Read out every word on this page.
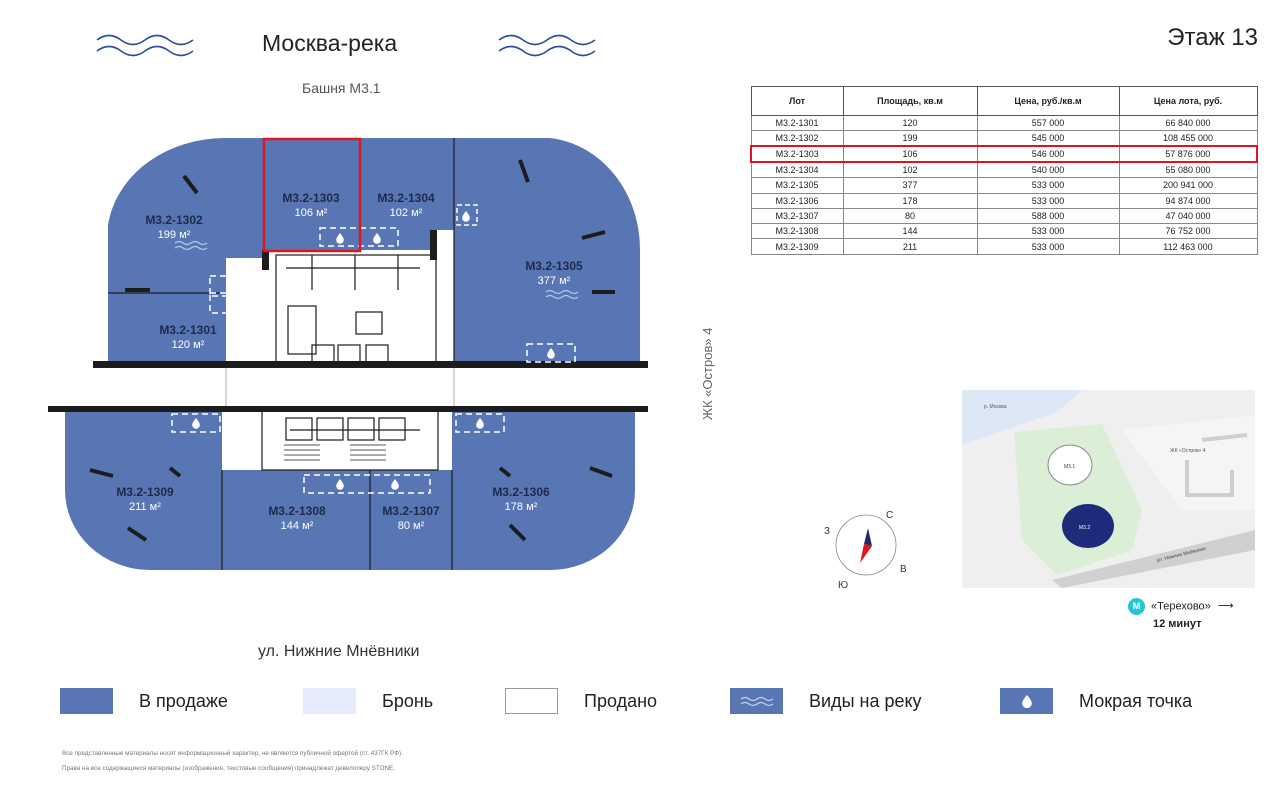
Москва-река
Башня М3.1
Этаж 13
Лот	Площадь, кв.м	Цена, руб./кв.м	Цена лота, руб.
М3.2-1301	120	557 000	66 840 000
М3.2-1302	199	545 000	108 455 000
М3.2-1303	106	546 000	57 876 000
М3.2-1304	102	540 000	55 080 000
М3.2-1305	377	533 000	200 941 000
М3.2-1306	178	533 000	94 874 000
М3.2-1307	80	588 000	47 040 000
М3.2-1308	144	533 000	76 752 000
М3.2-1309	211	533 000	112 463 000
М3.2-1302
199 м²
М3.2-1303
106 м²
М3.2-1304
102 м²
М3.2-1305
377 м²
М3.2-1301
120 м²
М3.2-1309
211 м²	М3.2-1308
144 м²
М3.2-1307
80 м²
М3.2-1306
178 м²
ЖК «Остров» 4
ул. Нижние Мнёвники
С
В
Ю
З
р. Москва
ЖК «Остров» 4
М3.1
М3.2
ул. Нижние Мнёвники
М «Терехово» ⟶
12 минут
В продаже	Бронь	Продано	Виды на реку	Мокрая точка
Все представленные материалы носят информационный характер, не являются публичной офертой (ст. 437ГК РФ).
Права на все содержащиеся материалы (изображения, текстовые сообщения) принадлежат девелоперу STONE.
